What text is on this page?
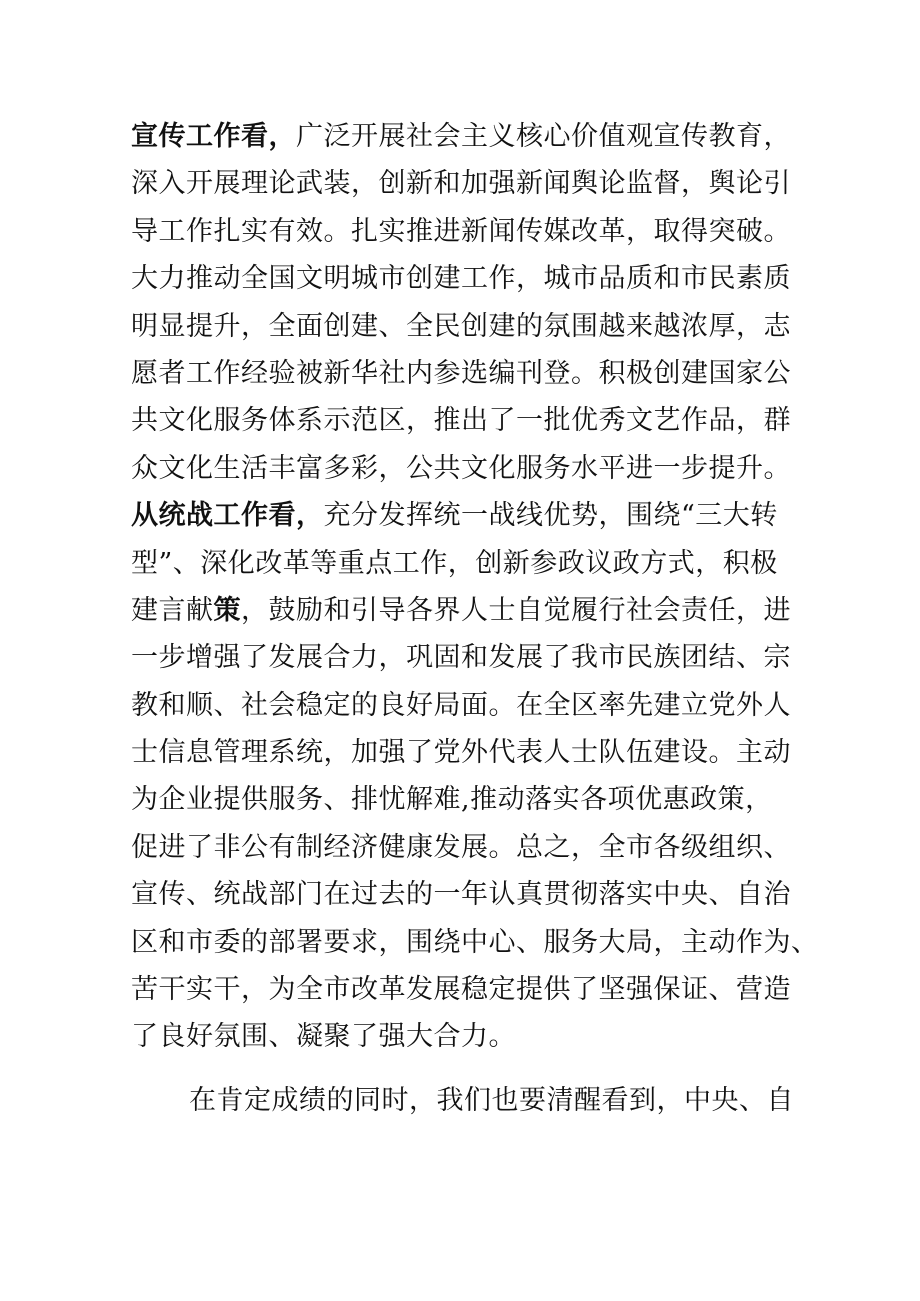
宣传工作看，广泛开展社会主义核心价值观宣传教育，
深入开展理论武装，创新和加强新闻舆论监督，舆论引
导工作扎实有效。扎实推进新闻传媒改革，取得突破。
大力推动全国文明城市创建工作，城市品质和市民素质
明显提升，全面创建、全民创建的氛围越来越浓厚，志
愿者工作经验被新华社内参选编刊登。积极创建国家公
共文化服务体系示范区，推出了一批优秀文艺作品，群
众文化生活丰富多彩，公共文化服务水平进一步提升。
从统战工作看，充分发挥统一战线优势，围绕“三大转
型”、深化改革等重点工作，创新参政议政方式，积极
建言献策，鼓励和引导各界人士自觉履行社会责任，进
一步增强了发展合力，巩固和发展了我市民族团结、宗
教和顺、社会稳定的良好局面。在全区率先建立党外人
士信息管理系统，加强了党外代表人士队伍建设。主动
为企业提供服务、排忧解难,推动落实各项优惠政策，
促进了非公有制经济健康发展。总之，全市各级组织、
宣传、统战部门在过去的一年认真贯彻落实中央、自治
区和市委的部署要求，围绕中心、服务大局，主动作为、
苦干实干，为全市改革发展稳定提供了坚强保证、营造
了良好氛围、凝聚了强大合力。
在肯定成绩的同时，我们也要清醒看到，中央、自
